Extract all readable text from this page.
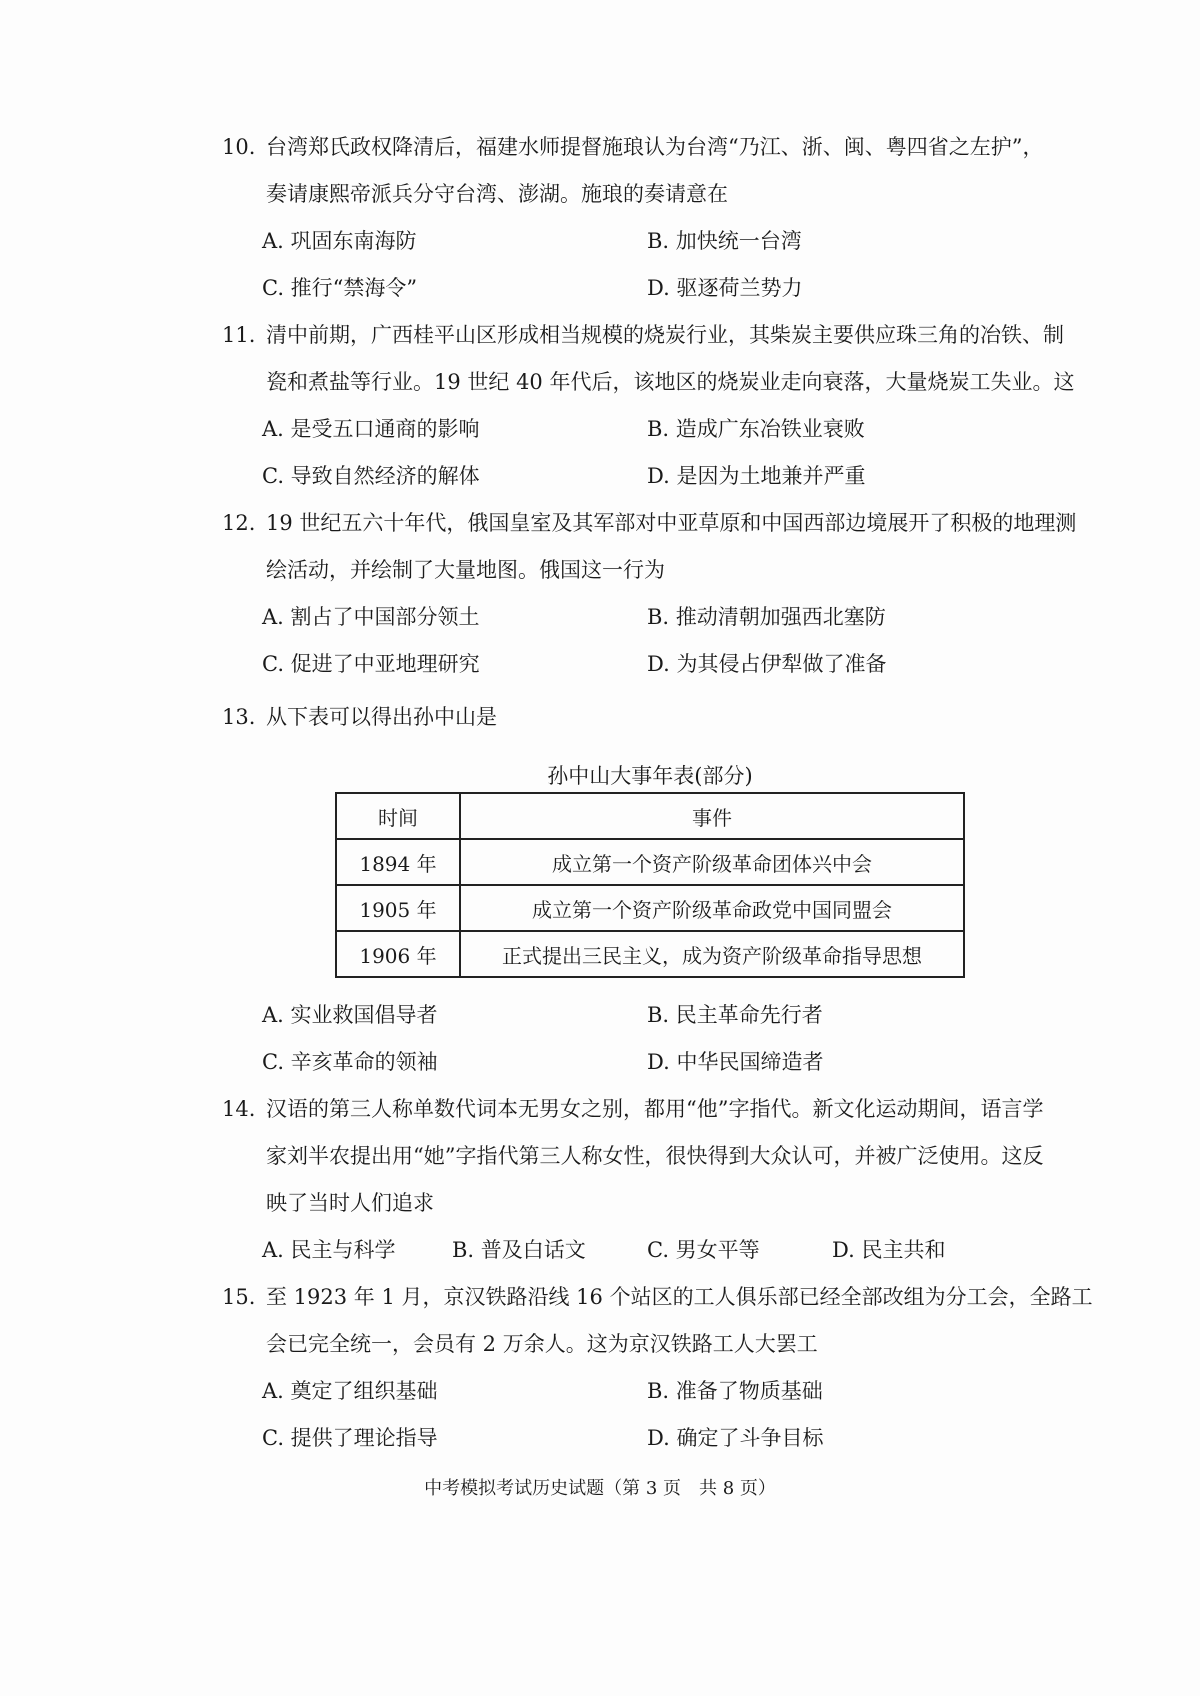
10. 台湾郑氏政权降清后，福建水师提督施琅认为台湾“乃江、浙、闽、粤四省之左护”，
奏请康熙帝派兵分守台湾、澎湖。施琅的奏请意在
A. 巩固东南海防	B. 加快统一台湾
C. 推行“禁海令”	D. 驱逐荷兰势力
11. 清中前期，广西桂平山区形成相当规模的烧炭行业，其柴炭主要供应珠三角的冶铁、制
瓷和煮盐等行业。19 世纪 40 年代后，该地区的烧炭业走向衰落，大量烧炭工失业。这
A. 是受五口通商的影响	B. 造成广东冶铁业衰败
C. 导致自然经济的解体	D. 是因为土地兼并严重
12. 19 世纪五六十年代，俄国皇室及其军部对中亚草原和中国西部边境展开了积极的地理测
绘活动，并绘制了大量地图。俄国这一行为
A. 割占了中国部分领土	B. 推动清朝加强西北塞防
C. 促进了中亚地理研究	D. 为其侵占伊犁做了准备
13. 从下表可以得出孙中山是
孙中山大事年表(部分)
时间	事件
1894 年	成立第一个资产阶级革命团体兴中会
1905 年	成立第一个资产阶级革命政党中国同盟会
1906 年	正式提出三民主义，成为资产阶级革命指导思想
A. 实业救国倡导者	B. 民主革命先行者
C. 辛亥革命的领袖	D. 中华民国缔造者
14. 汉语的第三人称单数代词本无男女之别，都用“他”字指代。新文化运动期间，语言学
家刘半农提出用“她”字指代第三人称女性，很快得到大众认可，并被广泛使用。这反
映了当时人们追求
A. 民主与科学	B. 普及白话文	C. 男女平等	D. 民主共和
15. 至 1923 年 1 月，京汉铁路沿线 16 个站区的工人俱乐部已经全部改组为分工会，全路工
会已完全统一，会员有 2 万余人。这为京汉铁路工人大罢工
A. 奠定了组织基础	B. 准备了物质基础
C. 提供了理论指导	D. 确定了斗争目标
中考模拟考试历史试题（第 3 页　共 8 页）
